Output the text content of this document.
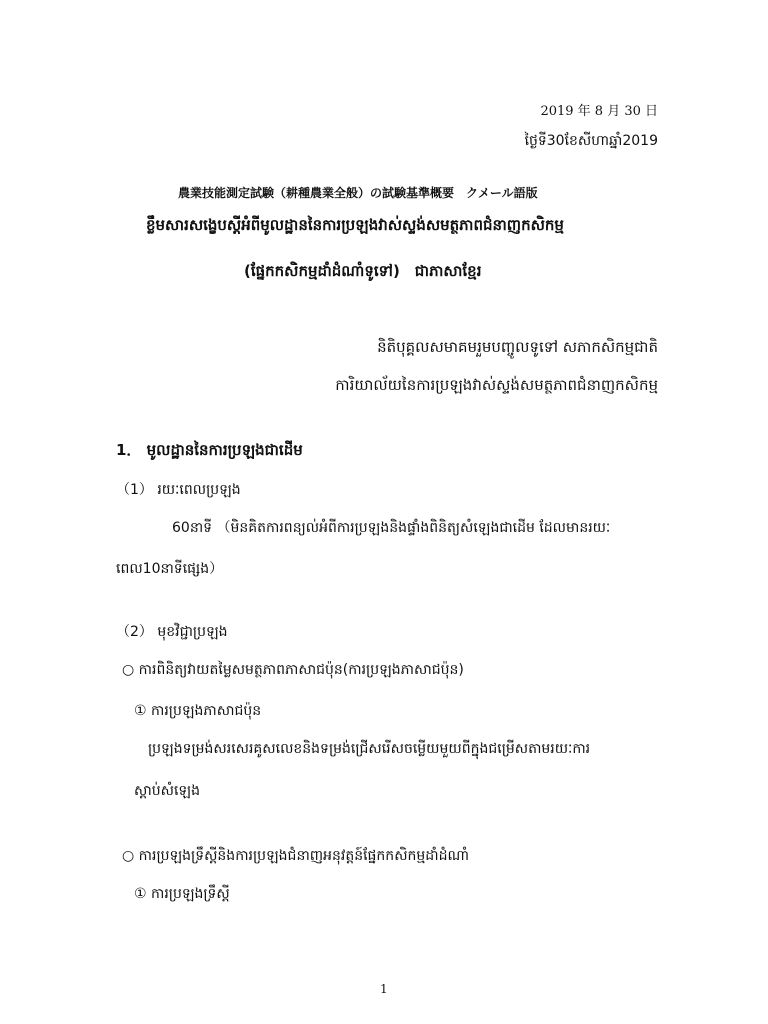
2019 年 8 月 30 日
ថ្ងៃទី30ខែសីហាឆ្នាំ2019
農業技能測定試験（耕種農業全般）の試験基準概要　クメール語版
ខ្លឹមសារសង្ខេបស្តីអំពីមូលដ្ឋាននៃការប្រឡងវាស់ស្ទង់សមត្ថភាពជំនាញកសិកម្ម
(ផ្នែកកសិកម្មដាំដំណាំទូទៅ)　ជាភាសាខ្មែរ
និតិបុគ្គលសមាគមរួមបញ្ចូលទូទៅ សភាកសិកម្មជាតិ
ការិយាល័យនៃការប្រឡងវាស់ស្ទង់សមត្ថភាពជំនាញកសិកម្ម
1． មូលដ្ឋាននៃការប្រឡងជាដើម
（1） រយៈពេលប្រឡង
60នាទី （មិនគិតការពន្យល់អំពីការប្រឡងនិងផ្ទាំងពិនិត្យសំឡេងជាដើម ដែលមានរយៈ
ពេល10នាទីផ្សេង）
（2） មុខវិជ្ជាប្រឡង
○ ការពិនិត្យវាយតម្លៃសមត្ថភាពភាសាជប៉ុន(ការប្រឡងភាសាជប៉ុន)
① ការប្រឡងភាសាជប៉ុន
ប្រឡងទម្រង់សរសេរគូសលេខនិងទម្រង់ជ្រើសរើសចម្លើយមួយពីក្នុងជម្រើសតាមរយៈការ
ស្តាប់សំឡេង
○ ការប្រឡងទ្រឹស្តីនិងការប្រឡងជំនាញអនុវត្តន៍ផ្នែកកសិកម្មដាំដំណាំ
① ការប្រឡងទ្រឹស្តី
1
